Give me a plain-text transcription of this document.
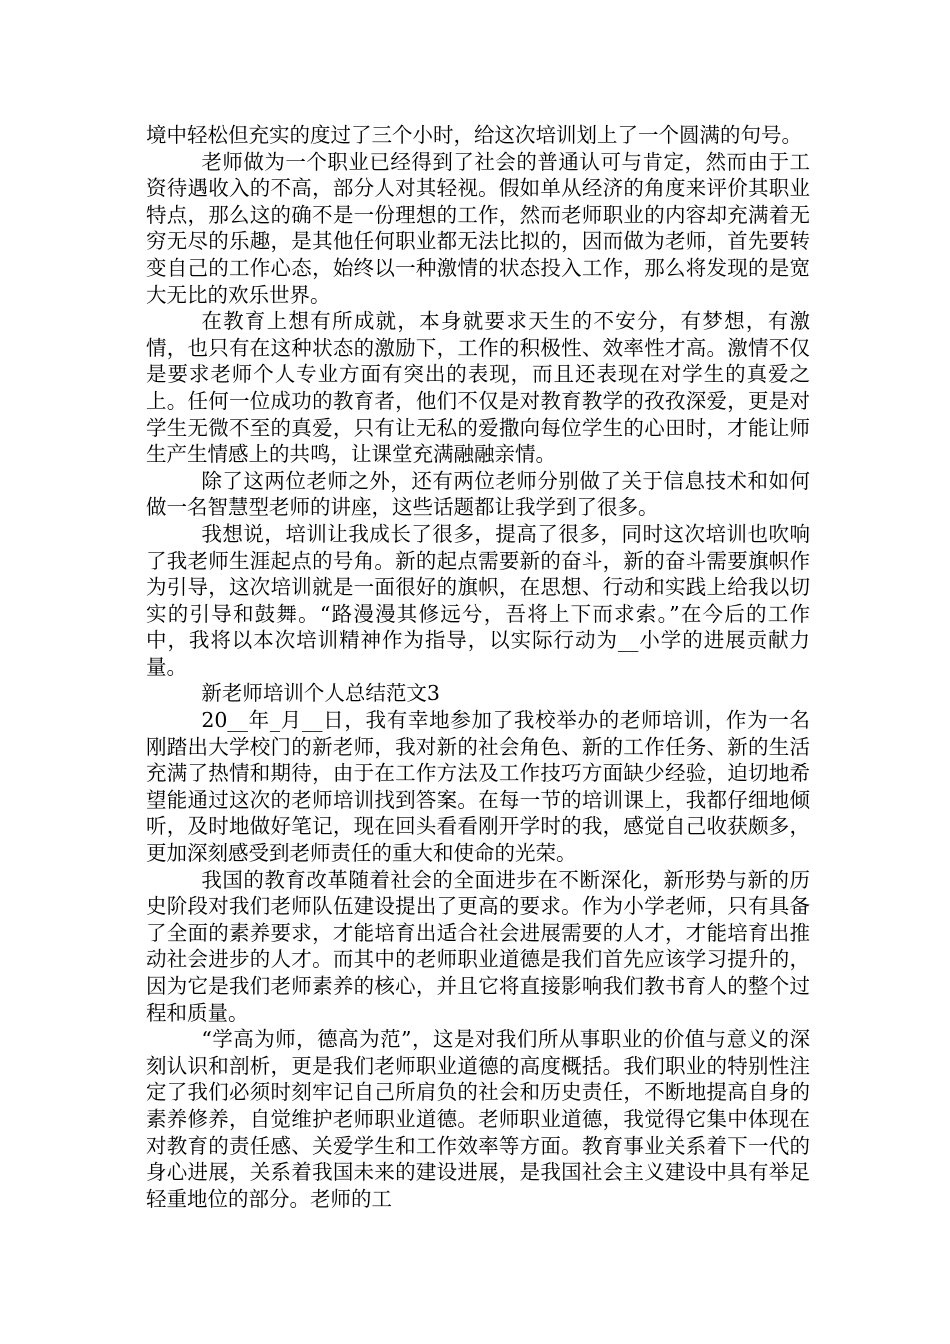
境中轻松但充实的度过了三个小时，给这次培训划上了一个圆满的句号。

老师做为一个职业已经得到了社会的普通认可与肯定，然而由于工资待遇收入的不高，部分人对其轻视。假如单从经济的角度来评价其职业特点，那么这的确不是一份理想的工作，然而老师职业的内容却充满着无穷无尽的乐趣，是其他任何职业都无法比拟的，因而做为老师，首先要转变自己的工作心态，始终以一种激情的状态投入工作，那么将发现的是宽大无比的欢乐世界。

在教育上想有所成就，本身就要求天生的不安分，有梦想，有激情，也只有在这种状态的激励下，工作的积极性、效率性才高。激情不仅是要求老师个人专业方面有突出的表现，而且还表现在对学生的真爱之上。任何一位成功的教育者，他们不仅是对教育教学的孜孜深爱，更是对学生无微不至的真爱，只有让无私的爱撒向每位学生的心田时，才能让师生产生情感上的共鸣，让课堂充满融融亲情。

除了这两位老师之外，还有两位老师分别做了关于信息技术和如何做一名智慧型老师的讲座，这些话题都让我学到了很多。

我想说，培训让我成长了很多，提高了很多，同时这次培训也吹响了我老师生涯起点的号角。新的起点需要新的奋斗，新的奋斗需要旗帜作为引导，这次培训就是一面很好的旗帜，在思想、行动和实践上给我以切实的引导和鼓舞。“路漫漫其修远兮，吾将上下而求索。”在今后的工作中，我将以本次培训精神作为指导，以实际行动为__小学的进展贡献力量。

新老师培训个人总结范文3

20__年_月__日，我有幸地参加了我校举办的老师培训，作为一名刚踏出大学校门的新老师，我对新的社会角色、新的工作任务、新的生活充满了热情和期待，由于在工作方法及工作技巧方面缺少经验，迫切地希望能通过这次的老师培训找到答案。在每一节的培训课上，我都仔细地倾听，及时地做好笔记，现在回头看看刚开学时的我，感觉自己收获颇多，更加深刻感受到老师责任的重大和使命的光荣。

我国的教育改革随着社会的全面进步在不断深化，新形势与新的历史阶段对我们老师队伍建设提出了更高的要求。作为小学老师，只有具备了全面的素养要求，才能培育出适合社会进展需要的人才，才能培育出推动社会进步的人才。而其中的老师职业道德是我们首先应该学习提升的，因为它是我们老师素养的核心，并且它将直接影响我们教书育人的整个过程和质量。

“学高为师，德高为范”，这是对我们所从事职业的价值与意义的深刻认识和剖析，更是我们老师职业道德的高度概括。我们职业的特别性注定了我们必须时刻牢记自己所肩负的社会和历史责任，不断地提高自身的素养修养，自觉维护老师职业道德。老师职业道德，我觉得它集中体现在对教育的责任感、关爱学生和工作效率等方面。教育事业关系着下一代的身心进展，关系着我国未来的建设进展，是我国社会主义建设中具有举足轻重地位的部分。老师的工
